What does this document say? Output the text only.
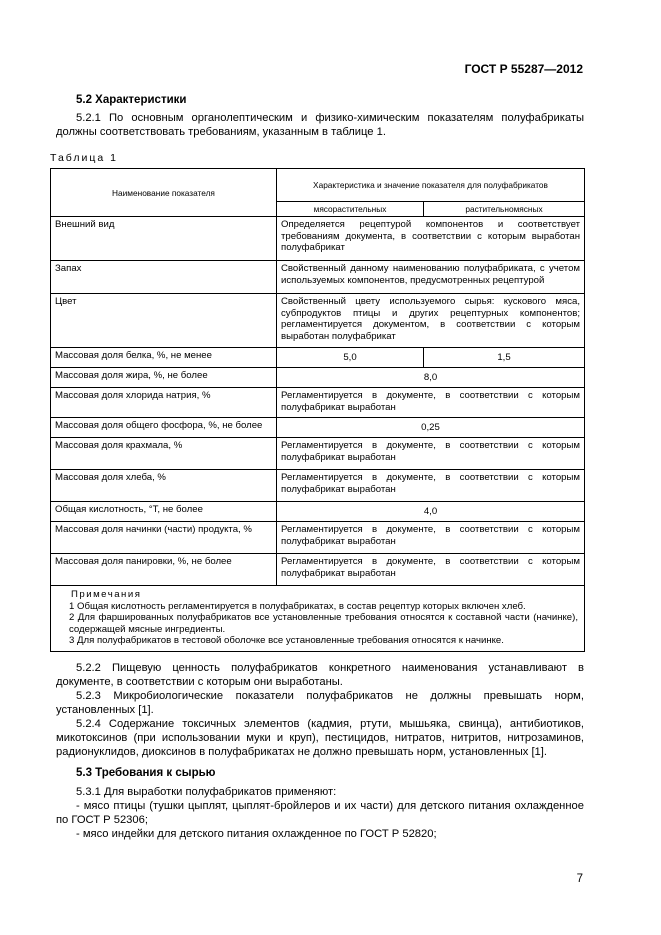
ГОСТ Р 55287—2012
5.2 Характеристики
5.2.1 По основным органолептическим и физико-химическим показателям полуфабрикаты должны соответствовать требованиям, указанным в таблице 1.
Таблица 1
Наименование показателя	Характеристика и значение показателя для полуфабрикатов	
	мясорастительных	растительномясных
Внешний вид	Определяется рецептурой компонентов и соответствует требованиям документа, в соответствии с которым выработан полуфабрикат	
Запах	Свойственный данному наименованию полуфабриката, с учетом используемых компонентов, предусмотренных рецептурой	
Цвет	Свойственный цвету используемого сырья: кускового мяса, субпродуктов птицы и других рецептурных компонентов; регламентируется документом, в соответствии с которым выработан полуфабрикат	
Массовая доля белка, %, не менее	5,0	1,5
Массовая доля жира, %, не более	8,0	
Массовая доля хлорида натрия, %	Регламентируется в документе, в соответствии с которым полуфабрикат выработан	
Массовая доля общего фосфора, %, не более	0,25	
Массовая доля крахмала, %	Регламентируется в документе, в соответствии с которым полуфабрикат выработан	
Массовая доля хлеба, %	Регламентируется в документе, в соответствии с которым полуфабрикат выработан	
Общая кислотность, °Т, не более	4,0	
Массовая доля начинки (части) продукта, %	Регламентируется в документе, в соответствии с которым полуфабрикат выработан	
Массовая доля панировки, %, не более	Регламентируется в документе, в соответствии с которым полуфабрикат выработан	

Примечания
1 Общая кислотность регламентируется в полуфабрикатах, в состав рецептур которых включен хлеб.
2 Для фаршированных полуфабрикатов все установленные требования относятся к составной части (начинке), содержащей мясные ингредиенты.
3 Для полуфабрикатов в тестовой оболочке все установленные требования относятся к начинке.		
5.2.2 Пищевую ценность полуфабрикатов конкретного наименования устанавливают в документе, в соответствии с которым они выработаны.
5.2.3 Микробиологические показатели полуфабрикатов не должны превышать норм, установленных [1].
5.2.4 Содержание токсичных элементов (кадмия, ртути, мышьяка, свинца), антибиотиков, микотоксинов (при использовании муки и круп), пестицидов, нитратов, нитритов, нитрозаминов, радионуклидов, диоксинов в полуфабрикатах не должно превышать норм, установленных [1].
5.3 Требования к сырью
5.3.1 Для выработки полуфабрикатов применяют:
- мясо птицы (тушки цыплят, цыплят-бройлеров и их части) для детского питания охлажденное по ГОСТ Р 52306;
- мясо индейки для детского питания охлажденное по ГОСТ Р 52820;
7
